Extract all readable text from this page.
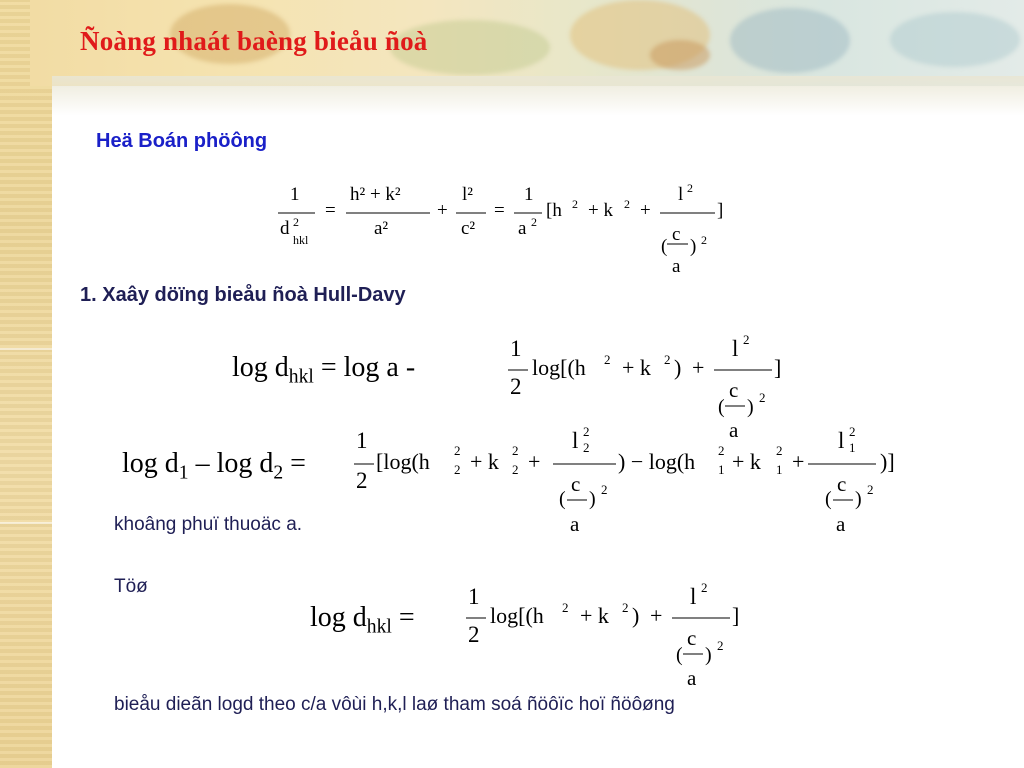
Ñoàng nhaát baèng bieåu ñoà
Heä Boán phöông
1
d 2
hkl
=
h² + k²
a²
+
l²
c²
=
1
a 2
[h 2 + k 2 +
l 2
(
c
a
) 2
]
1. Xaây döïng bieåu ñoà Hull-Davy
$\log d_{hkl} = \log a$ -
1
2
log[(h 2 + k 2 ) +
l 2
(
c
a
) 2
]
$\log d_1$ – $\log d_2$ =
1
2
[log(h 2
2 + k 2
2 +
l 2
2
(
c
a
) 2
) − log(h 2
1 + k 2
1 +
l 2
1
(
c
a
) 2
)]
khoâng phuï thuoäc a.
Töø
$\log d_{hkl}$ =
1
2
log[(h 2 + k 2 ) +
l 2
(
c
a
) 2
]
bieåu dieãn logd theo c/a vôùi h,k,l laø tham soá ñöôïc hoï ñöôøng
